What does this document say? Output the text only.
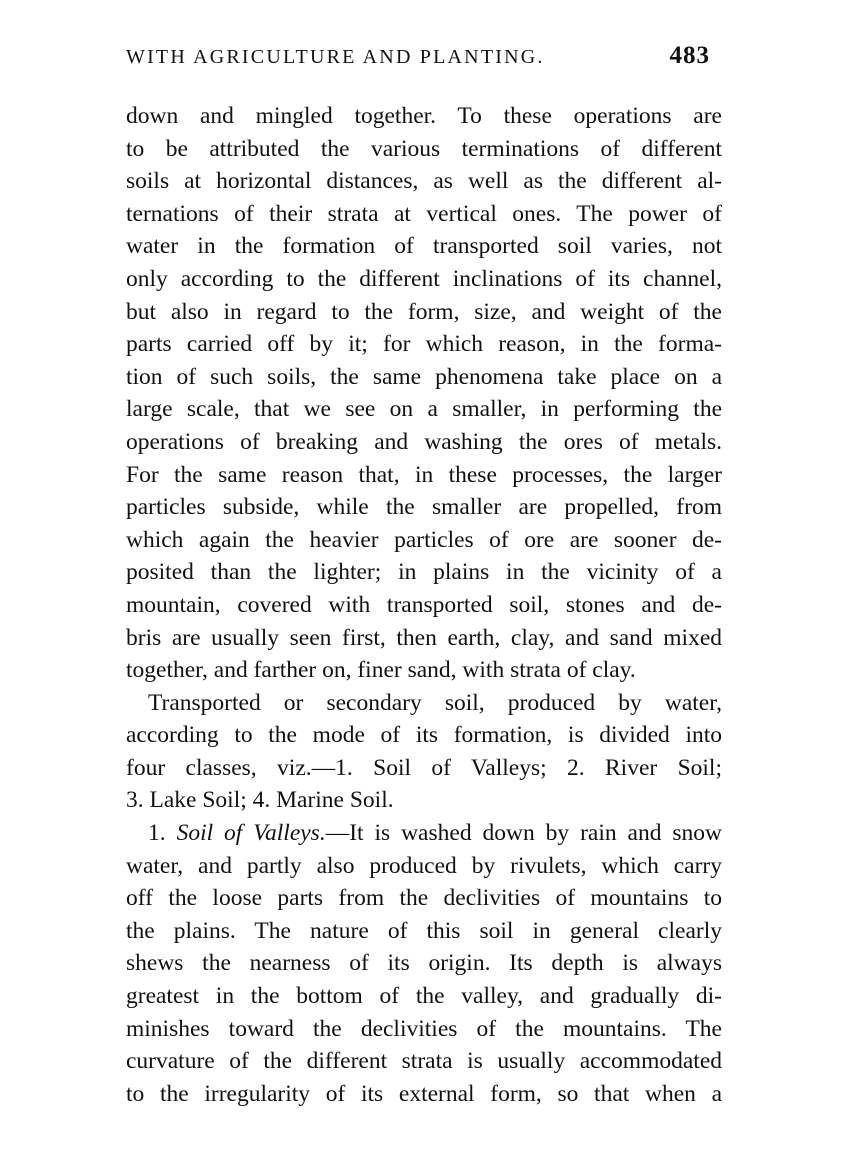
WITH AGRICULTURE AND PLANTING.	483
down and mingled together. To these operations are
to be attributed the various terminations of different
soils at horizontal distances, as well as the different al-
ternations of their strata at vertical ones. The power of
water in the formation of transported soil varies, not
only according to the different inclinations of its channel,
but also in regard to the form, size, and weight of the
parts carried off by it; for which reason, in the forma-
tion of such soils, the same phenomena take place on a
large scale, that we see on a smaller, in performing the
operations of breaking and washing the ores of metals.
For the same reason that, in these processes, the larger
particles subside, while the smaller are propelled, from
which again the heavier particles of ore are sooner de-
posited than the lighter; in plains in the vicinity of a
mountain, covered with transported soil, stones and de-
bris are usually seen first, then earth, clay, and sand mixed
together, and farther on, finer sand, with strata of clay.
Transported or secondary soil, produced by water,
according to the mode of its formation, is divided into
four classes, viz.—1. Soil of Valleys; 2. River Soil;
3. Lake Soil; 4. Marine Soil.
1. Soil of Valleys.—It is washed down by rain and snow
water, and partly also produced by rivulets, which carry
off the loose parts from the declivities of mountains to
the plains. The nature of this soil in general clearly
shews the nearness of its origin. Its depth is always
greatest in the bottom of the valley, and gradually di-
minishes toward the declivities of the mountains. The
curvature of the different strata is usually accommodated
to the irregularity of its external form, so that when a
